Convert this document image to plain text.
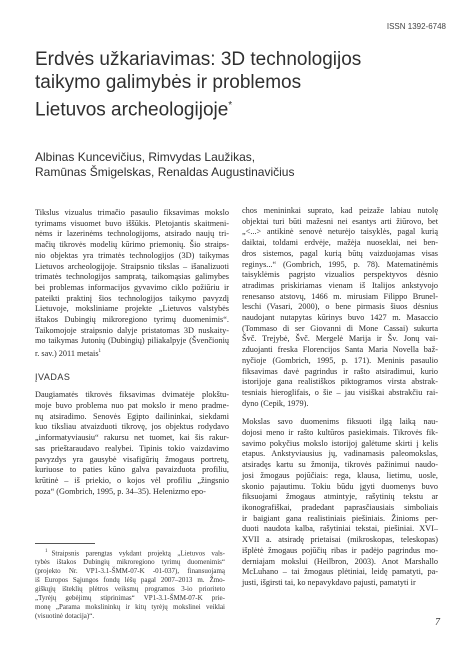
ISSN 1392-6748
Erdvės užkariavimas: 3D technologijos
taikymo galimybės ir problemos
Lietuvos archeologijoje*
Albinas Kuncevičius, Rimvydas Laužikas,
Ramūnas Šmigelskas, Renaldas Augustinavičius
Tikslus vizualus trimačio pasaulio fiksavimas mokslo
tyrimams visuomet buvo iššūkis. Pletojantis skaitmeni-
nėms ir lazerinėms technologijoms, atsirado naujų tri-
mačių tikrovės modelių kūrimo priemonių. Šio straips-
nio objektas yra trimatės technologijos (3D) taikymas
Lietuvos archeologijoje. Straipsnio tikslas – išanalizuoti
trimatės technologijos sampratą, taikomąsias galimybes
bei problemas informacijos gyvavimo ciklo požiūriu ir
pateikti praktinį šios technologijos taikymo pavyzdį
Lietuvoje, moksliniame projekte „Lietuvos valstybės
ištakos Dubingių mikroregiono tyrimų duomenimis“.
Taikomojoje straipsnio dalyje pristatomas 3D nuskaity-
mo taikymas Jutonių (Dubingių) piliakalpyje (Švenčionių
r. sav.) 2011 metais$^1$
ĮVADAS
Daugiamatės tikrovės fiksavimas dvimatėje plokštu-
moje buvo problema nuo pat mokslo ir meno pradme-
nų atsiradimo. Senovės Egipto dailininkai, siekdami
kuo tiksliau atvaizduoti tikrovę, jos objektus rodydavo
„informatyviausiu“ rakursu net tuomet, kai šis rakur-
sas prieštaraudavo realybei. Tipinis tokio vaizdavimo
pavyzdys yra gausybė visafigūrių žmogaus portretų,
kuriuose to paties kūno galva pavaizduota profiliu,
krūtinė – iš priekio, o kojos vėl profiliu „žingsnio
poza“ (Gombrich, 1995, p. 34–35). Helenizmo epo-
$^1$ Straipsnis parengtas vykdant projektą „Lietuvos vals-
tybės ištakos Dubingių mikroregiono tyrimų duomenimis“
(projekto Nr. VP1-3.1-ŠMM-07-K -01-037), finansuojamą
iš Europos Sąjungos fondų lėšų pagal 2007–2013 m. Žmo-
giškųjų išteklių plėtros veiksmų programos 3-io prioriteto
„Tyrėjų gebėjimų stiprinimas“ VP1-3.1-ŠMM-07-K prie-
monę „Parama mokslininkų ir kitų tyrėjų mokslinei veiklai
(visuotinė dotacija)“.
chos menininkai suprato, kad peizaže labiau nutolę
objektai turi būti mažesni nei esantys arti žiūrovo, bet
„<...> antikinė senovė neturėjo taisyklės, pagal kurią
daiktai, toldami erdvėje, mažėja nuoseklai, nei ben-
dros sistemos, pagal kurią būtų vaizduojamas visas
reginys...“ (Gombrich, 1995, p. 78). Matematinėmis
taisyklėmis pagrįsto vizualios perspektyvos dėsnio
atradimas priskiriamas vienam iš Italijos ankstyvojo
renesanso atstovų, 1466 m. mirusiam Filippo Brunel-
leschi (Vasari, 2000), o bene pirmasis šiuos dėsnius
naudojant nutapytas kūrinys buvo 1427 m. Masaccio
(Tommaso di ser Giovanni di Mone Cassai) sukurta
Švč. Trejybė, Švč. Mergelė Marija ir Šv. Jonų vai-
zduojanti freska Florencijos Santa Maria Novella baž-
nyčioje (Gombrich, 1995, p. 171). Meninis pasaulio
fiksavimas davė pagrindus ir rašto atsiradimui, kurio
istorijoje gana realistiškos piktogramos virsta abstrak-
tesniais hieroglifais, o šie – jau visiškai abstrakčiu rai-
dyno (Cepik, 1979).
Mokslas savo duomenims fiksuoti ilgą laiką nau-
dojosi meno ir rašto kultūros pasiekimais. Tikrovės fik-
savimo pokyčius mokslo istorijoj galėtume skirti į kelis
etapus. Ankstyviausius jų, vadinamasis paleomokslas,
atsiradęs kartu su žmonija, tikrovės pažinimui naudo-
josi žmogaus pojūčiais: rega, klausa, lietimu, uosle,
skonio pajautimu. Tokiu būdu įgyti duomenys buvo
fiksuojami žmogaus atmintyje, rašytinių tekstu ar
ikonografiškai, pradedant paprasčiausiais simboliais
ir baigiant gana realistiniais piešiniais. Žinioms per-
duoti naudota kalba, rašytiniai tekstai, piešiniai. XVI–
XVII a. atsiradę prietaisai (mikroskopas, teleskopas)
išplėtė žmogaus pojūčių ribas ir padėjo pagrindus mo-
derniajam mokslui (Heilbron, 2003). Anot Marshallo
McLuhano – tai žmogaus plėtiniai, leidę pamatyti, pa-
justi, išgirsti tai, ko nepavykdavo pajusti, pamatyti ir
7
